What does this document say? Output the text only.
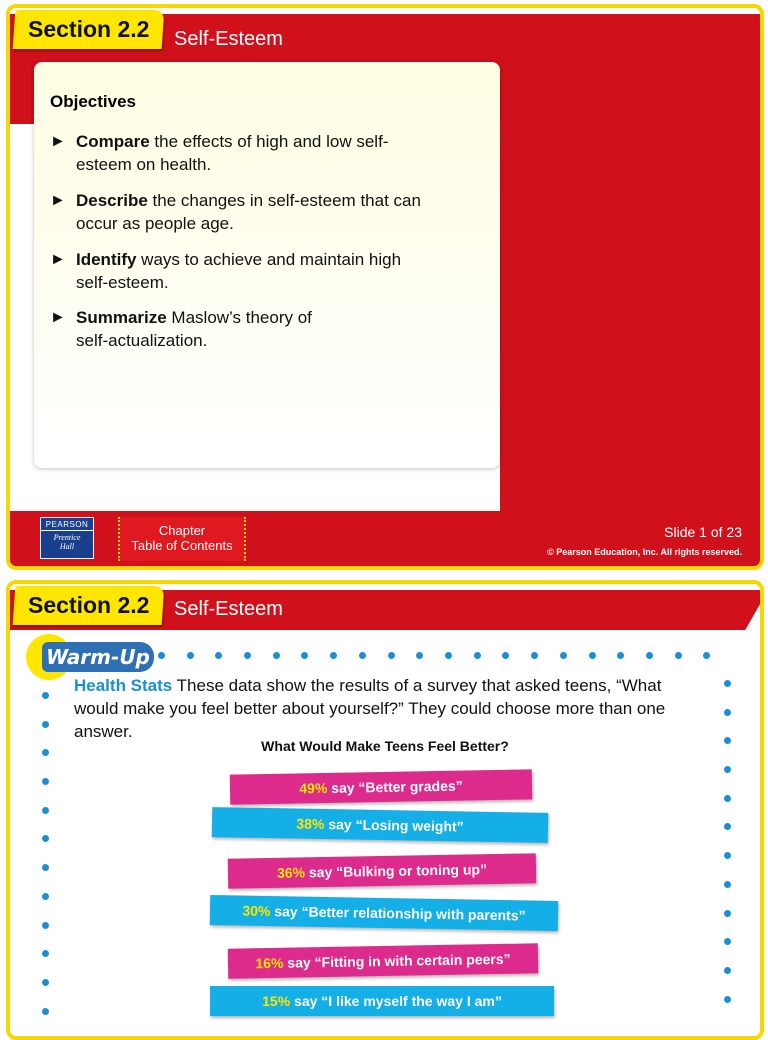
Section 2.2	Self-Esteem
Objectives
► Compare the effects of high and low self-
esteem on health.
► Describe the changes in self-esteem that can
occur as people age.
► Identify ways to achieve and maintain high
self-esteem.
► Summarize Maslow’s theory of
self-actualization.
PEARSON
Prentice
Hall
Chapter
Table of Contents
Slide 1 of 23
© Pearson Education, Inc. All rights reserved.
Section 2.2	Self-Esteem
Warm-Up
Health Stats These data show the results of a survey that asked teens, “What would make you feel better about yourself?” They could choose more than one answer.
What Would Make Teens Feel Better?
49% say “Better grades”
38% say “Losing weight”
36% say “Bulking or toning up”
30% say “Better relationship with parents”
16% say “Fitting in with certain peers”
15% say “I like myself the way I am”
